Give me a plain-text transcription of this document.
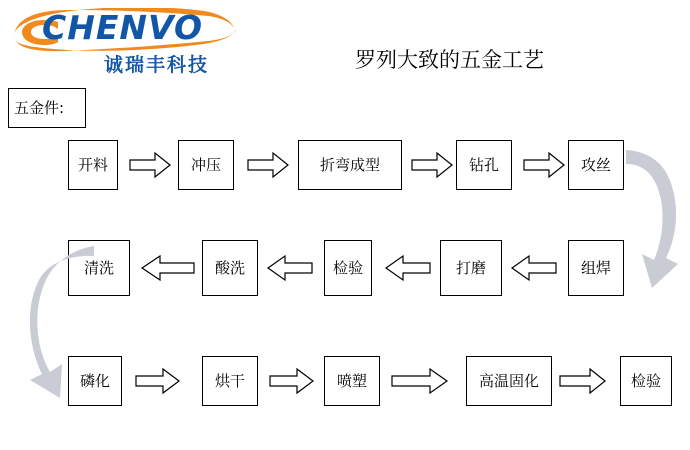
CHENVO
诚瑞丰科技	罗列大致的五金工艺
五金件:
开料	冲压	折弯成型	钻孔	攻丝
组焊
打磨
检验
酸洗
清洗
磷化	烘干	喷塑	高温固化	检验
